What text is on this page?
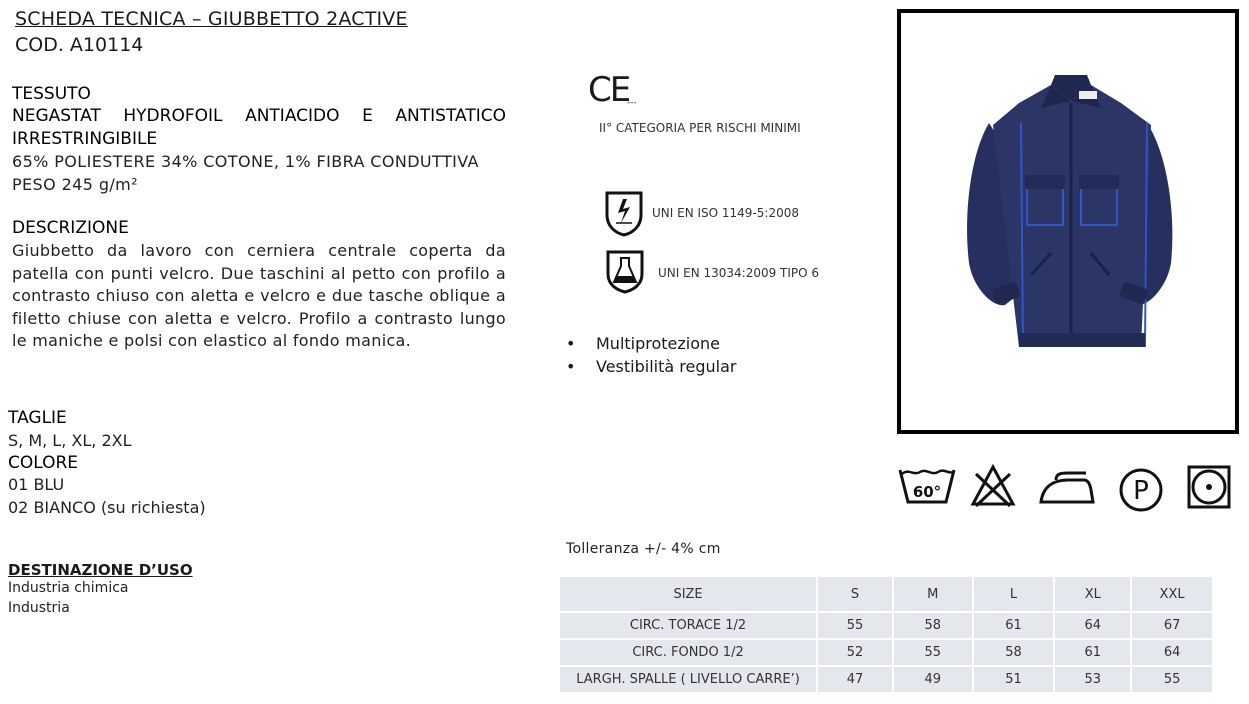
SCHEDA TECNICA – GIUBBETTO 2ACTIVE
COD. A10114
TESSUTO
NEGASTAT HYDROFOIL ANTIACIDO E ANTISTATICO
IRRESTRINGIBILE
65% POLIESTERE 34% COTONE, 1% FIBRA CONDUTTIVA
PESO 245 g/m²
DESCRIZIONE
Giubbetto da lavoro con cerniera centrale coperta da patella con punti velcro. Due taschini al petto con profilo a contrasto chiuso con aletta e velcro e due tasche oblique a filetto chiuse con aletta e velcro. Profilo a contrasto lungo le maniche e polsi con elastico al fondo manica.
TAGLIE
S, M, L, XL, 2XL
COLORE
01 BLU
02 BIANCO (su richiesta)
DESTINAZIONE D’USO
Industria chimica
Industria
CE
---
II° CATEGORIA PER RISCHI MINIMI
UNI EN ISO 1149-5:2008
UNI EN 13034:2009 TIPO 6
• Multiprotezione
• Vestibilità regular
60°	P
Tolleranza +/- 4% cm
SIZE	S	M	L	XL	XXL
CIRC. TORACE 1/2	55	58	61	64	67
CIRC. FONDO 1/2	52	55	58	61	64
LARGH. SPALLE ( LIVELLO CARRE’)	47	49	51	53	55
